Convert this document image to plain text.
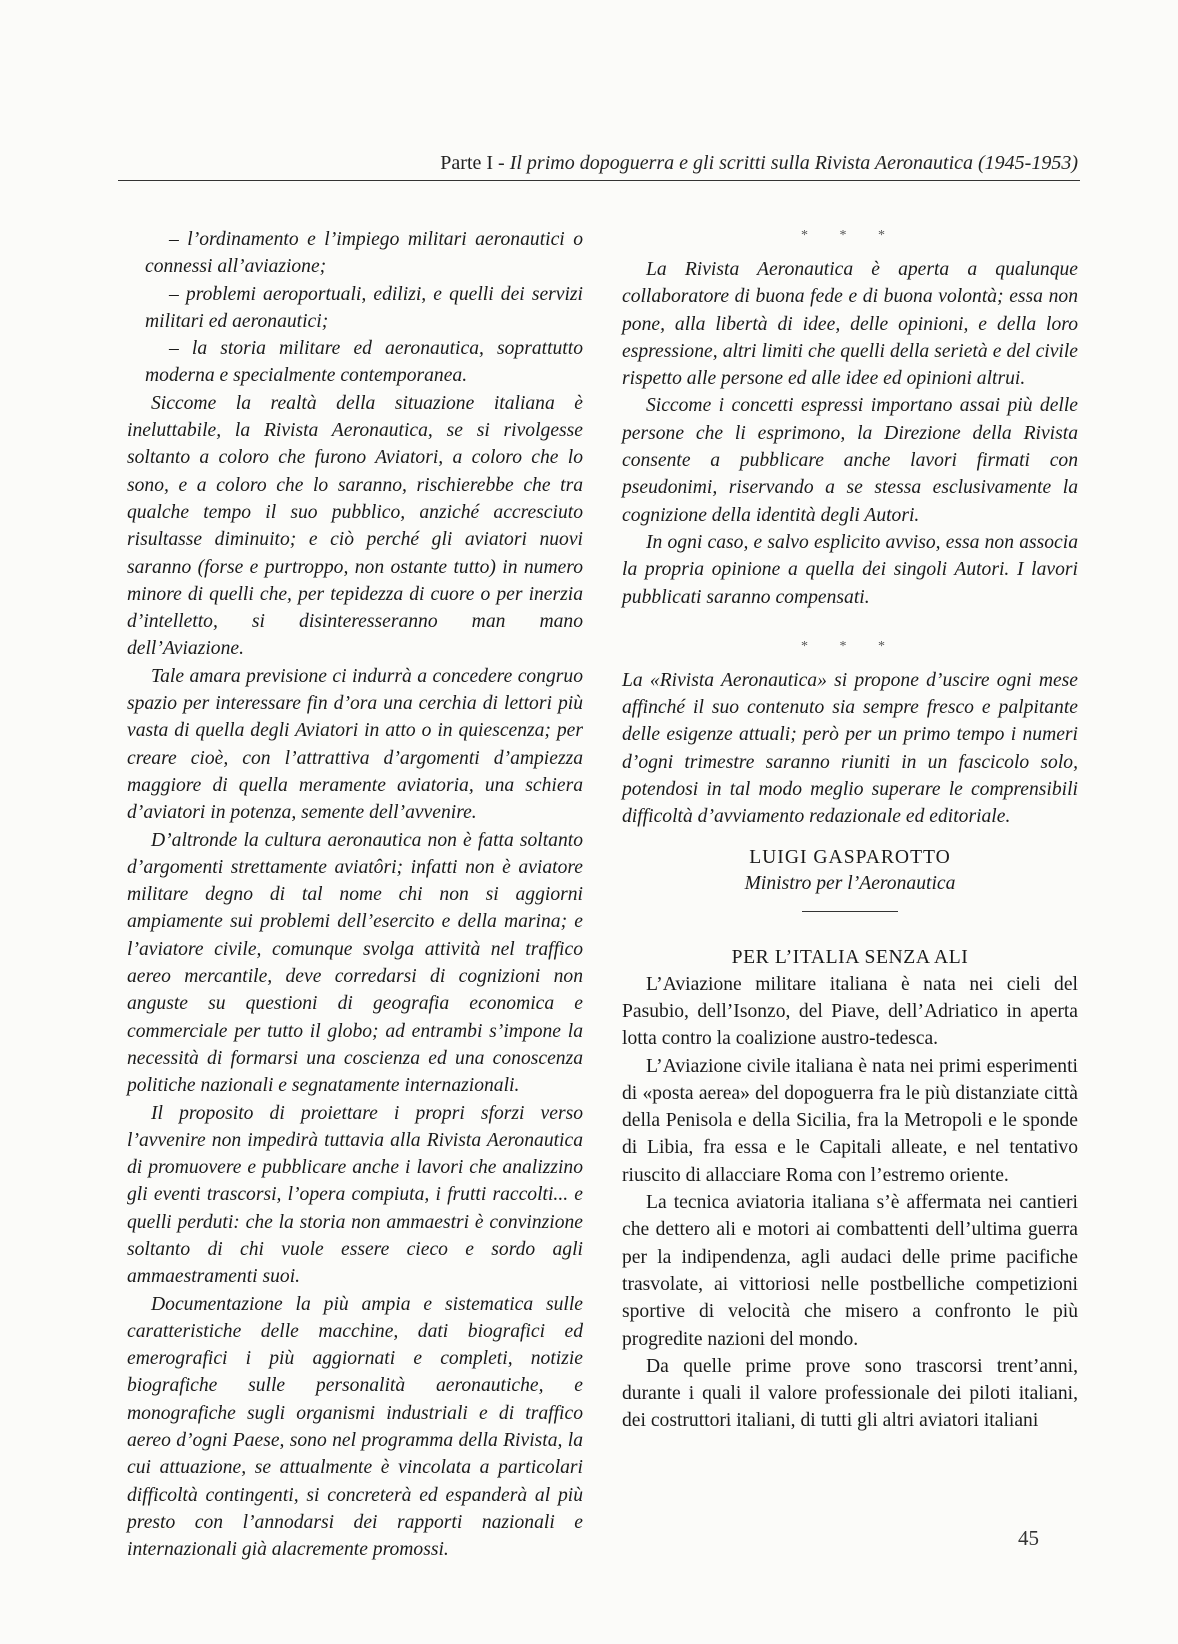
Parte I - Il primo dopoguerra e gli scritti sulla Rivista Aeronautica (1945-1953)

– l’ordinamento e l’impiego militari aeronautici o connessi all’aviazione;

– problemi aeroportuali, edilizi, e quelli dei servizi militari ed aeronautici;

– la storia militare ed aeronautica, soprattutto moderna e specialmente contemporanea.

Siccome la realtà della situazione italiana è ineluttabile, la Rivista Aeronautica, se si rivolgesse soltanto a coloro che furono Aviatori, a coloro che lo sono, e a coloro che lo saranno, rischierebbe che tra qualche tempo il suo pubblico, anziché accresciuto risultasse diminuito; e ciò perché gli aviatori nuovi saranno (forse e purtroppo, non ostante tutto) in numero minore di quelli che, per tepidezza di cuore o per inerzia d’intelletto, si disinteresseranno man mano dell’Aviazione.

Tale amara previsione ci indurrà a concedere congruo spazio per interessare fin d’ora una cerchia di lettori più vasta di quella degli Aviatori in atto o in quiescenza; per creare cioè, con l’attrattiva d’argomenti d’ampiezza maggiore di quella meramente aviatoria, una schiera d’aviatori in potenza, semente dell’avvenire.

D’altronde la cultura aeronautica non è fatta soltanto d’argomenti strettamente aviatôri; infatti non è aviatore militare degno di tal nome chi non si aggiorni ampiamente sui problemi dell’esercito e della marina; e l’aviatore civile, comunque svolga attività nel traffico aereo mercantile, deve corredarsi di cognizioni non anguste su questioni di geografia economica e commerciale per tutto il globo; ad entrambi s’impone la necessità di formarsi una coscienza ed una conoscenza politiche nazionali e segnatamente internazionali.

Il proposito di proiettare i propri sforzi verso l’avvenire non impedirà tuttavia alla Rivista Aeronautica di promuovere e pubblicare anche i lavori che analizzino gli eventi trascorsi, l’opera compiuta, i frutti raccolti... e quelli perduti: che la storia non ammaestri è convinzione soltanto di chi vuole essere cieco e sordo agli ammaestramenti suoi.

Documentazione la più ampia e sistematica sulle caratteristiche delle macchine, dati biografici ed emerografici i più aggiornati e completi, notizie biografiche sulle personalità aeronautiche, e monografiche sugli organismi industriali e di traffico aereo d’ogni Paese, sono nel programma della Rivista, la cui attuazione, se attualmente è vincolata a particolari difficoltà contingenti, si concreterà ed espanderà al più presto con l’annodarsi dei rapporti nazionali e internazionali già alacremente promossi.

* * *

La Rivista Aeronautica è aperta a qualunque collaboratore di buona fede e di buona volontà; essa non pone, alla libertà di idee, delle opinioni, e della loro espressione, altri limiti che quelli della serietà e del civile rispetto alle persone ed alle idee ed opinioni altrui.

Siccome i concetti espressi importano assai più delle persone che li esprimono, la Direzione della Rivista consente a pubblicare anche lavori firmati con pseudonimi, riservando a se stessa esclusivamente la cognizione della identità degli Autori.

In ogni caso, e salvo esplicito avviso, essa non associa la propria opinione a quella dei singoli Autori. I lavori pubblicati saranno compensati.

* * *

La «Rivista Aeronautica» si propone d’uscire ogni mese affinché il suo contenuto sia sempre fresco e palpitante delle esigenze attuali; però per un primo tempo i numeri d’ogni trimestre saranno riuniti in un fascicolo solo, potendosi in tal modo meglio superare le comprensibili difficoltà d’avviamento redazionale ed editoriale.

LUIGI GASPAROTTO
Ministro per l’Aeronautica
PER L’ITALIA SENZA ALI

L’Aviazione militare italiana è nata nei cieli del Pasubio, dell’Isonzo, del Piave, dell’Adriatico in aperta lotta contro la coalizione austro-tedesca.

L’Aviazione civile italiana è nata nei primi esperimenti di «posta aerea» del dopoguerra fra le più distanziate città della Penisola e della Sicilia, fra la Metropoli e le sponde di Libia, fra essa e le Capitali alleate, e nel tentativo riuscito di allacciare Roma con l’estremo oriente.

La tecnica aviatoria italiana s’è affermata nei cantieri che dettero ali e motori ai combattenti dell’ultima guerra per la indipendenza, agli audaci delle prime pacifiche trasvolate, ai vittoriosi nelle postbelliche competizioni sportive di velocità che misero a confronto le più progredite nazioni del mondo.

Da quelle prime prove sono trascorsi trent’anni, durante i quali il valore professionale dei piloti italiani, dei costruttori italiani, di tutti gli altri aviatori italiani

45
